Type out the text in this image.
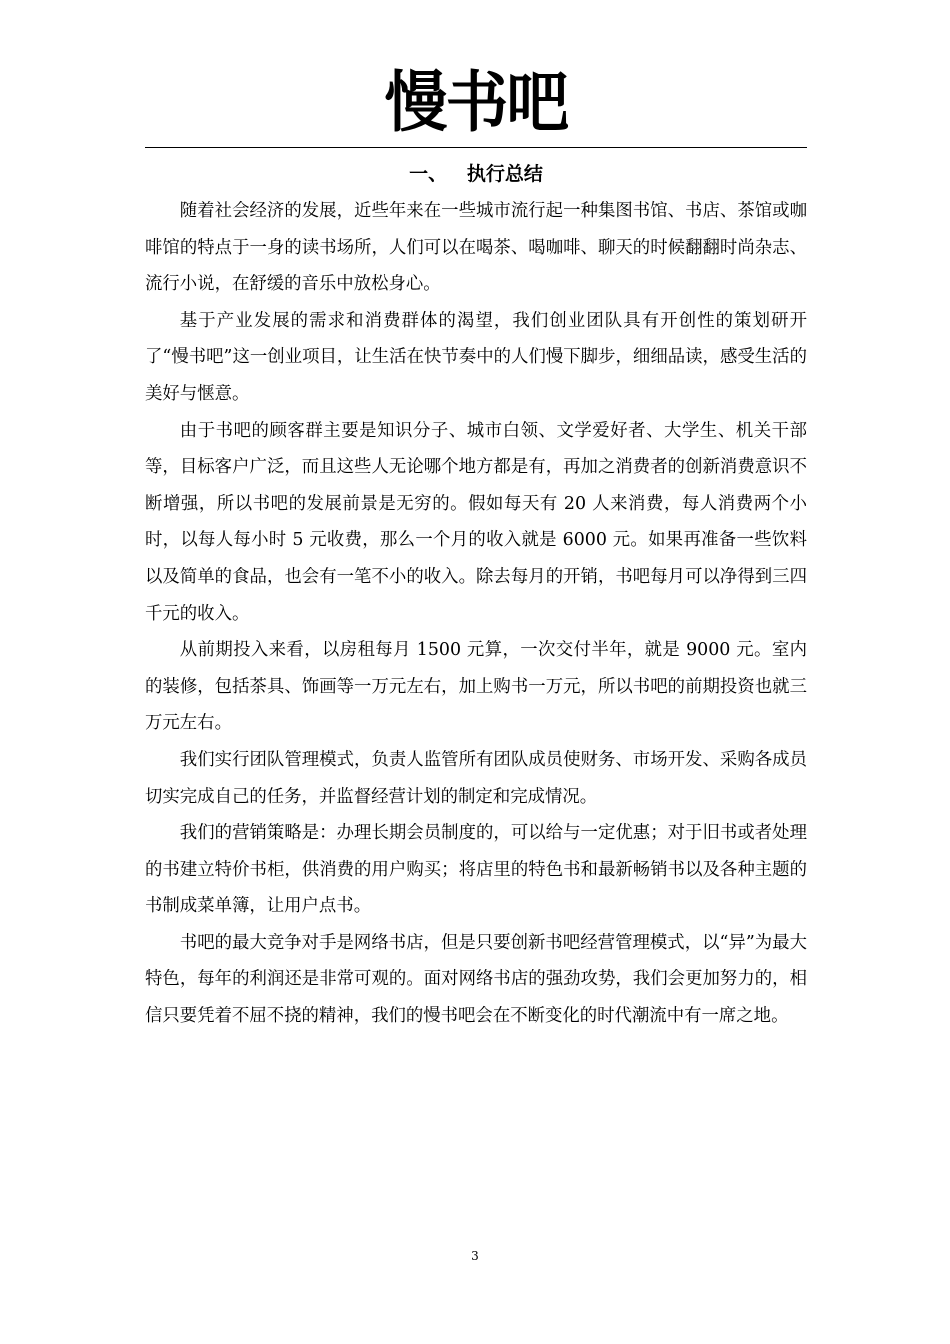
慢书吧
一、   执行总结

随着社会经济的发展，近些年来在一些城市流行起一种集图书馆、书店、茶馆或咖啡馆的特点于一身的读书场所，人们可以在喝茶、喝咖啡、聊天的时候翻翻时尚杂志、流行小说，在舒缓的音乐中放松身心。

基于产业发展的需求和消费群体的渴望，我们创业团队具有开创性的策划研开了“慢书吧”这一创业项目，让生活在快节奏中的人们慢下脚步，细细品读，感受生活的美好与惬意。

由于书吧的顾客群主要是知识分子、城市白领、文学爱好者、大学生、机关干部等，目标客户广泛，而且这些人无论哪个地方都是有，再加之消费者的创新消费意识不断增强，所以书吧的发展前景是无穷的。假如每天有 20 人来消费，每人消费两个小时，以每人每小时 5 元收费，那么一个月的收入就是 6000 元。如果再准备一些饮料以及简单的食品，也会有一笔不小的收入。除去每月的开销，书吧每月可以净得到三四千元的收入。

从前期投入来看，以房租每月 1500 元算，一次交付半年，就是 9000 元。室内的装修，包括茶具、饰画等一万元左右，加上购书一万元，所以书吧的前期投资也就三万元左右。

我们实行团队管理模式，负责人监管所有团队成员使财务、市场开发、采购各成员切实完成自己的任务，并监督经营计划的制定和完成情况。

我们的营销策略是：办理长期会员制度的，可以给与一定优惠；对于旧书或者处理的书建立特价书柜，供消费的用户购买；将店里的特色书和最新畅销书以及各种主题的书制成菜单簿，让用户点书。

书吧的最大竞争对手是网络书店，但是只要创新书吧经营管理模式，以“异”为最大特色，每年的利润还是非常可观的。面对网络书店的强劲攻势，我们会更加努力的，相信只要凭着不屈不挠的精神，我们的慢书吧会在不断变化的时代潮流中有一席之地。

3
